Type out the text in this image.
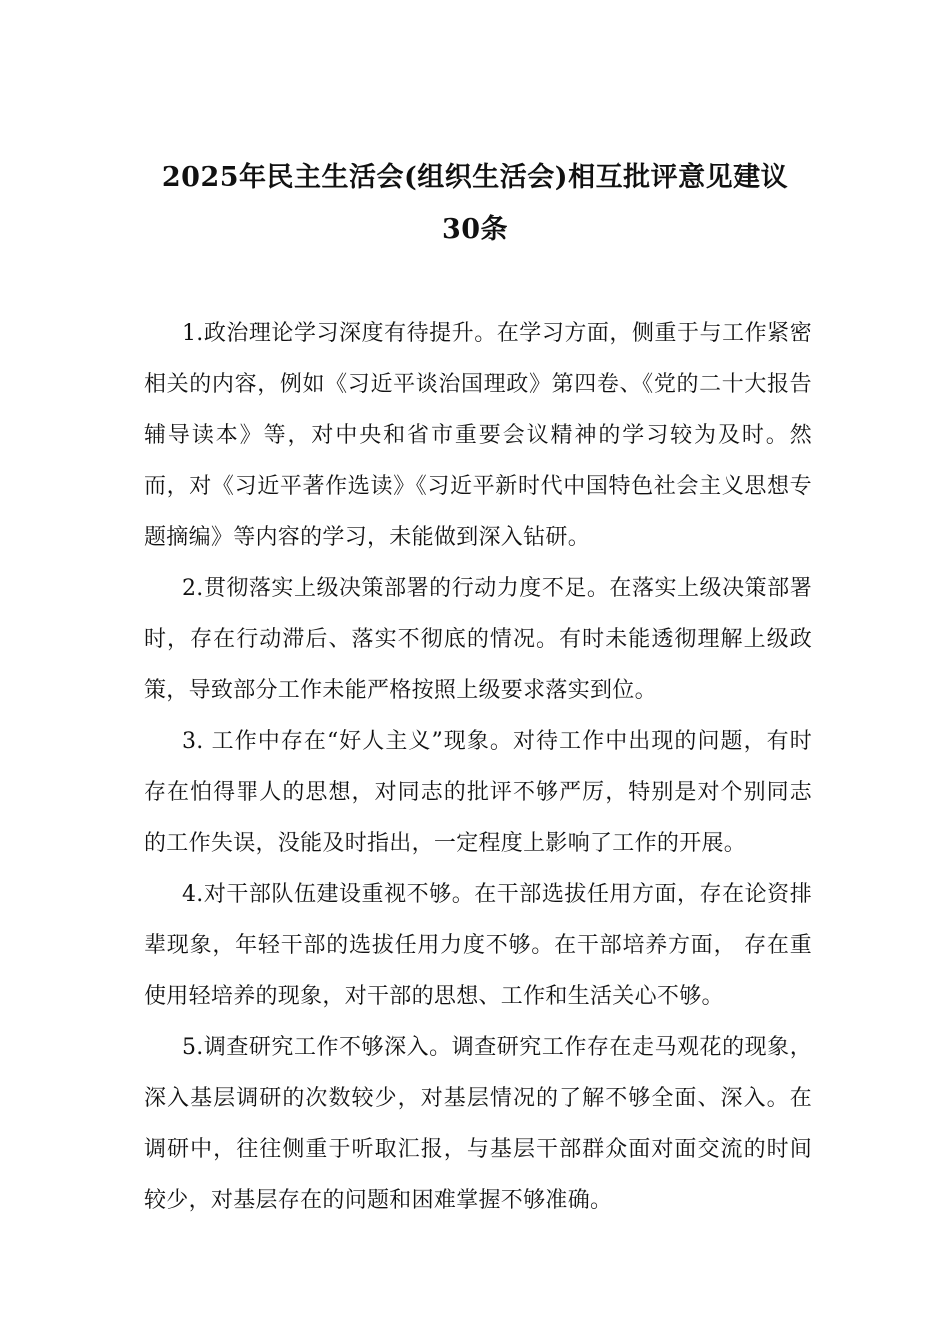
2025年民主生活会(组织生活会)相互批评意见建议
30条

1.政治理论学习深度有待提升。在学习方面，侧重于与工作紧密相关的内容，例如《习近平谈治国理政》第四卷、《党的二十大报告辅导读本》等，对中央和省市重要会议精神的学习较为及时。然而，对《习近平著作选读》《习近平新时代中国特色社会主义思想专题摘编》等内容的学习，未能做到深入钻研。

2.贯彻落实上级决策部署的行动力度不足。在落实上级决策部署时，存在行动滞后、落实不彻底的情况。有时未能透彻理解上级政策，导致部分工作未能严格按照上级要求落实到位。

3. 工作中存在“好人主义”现象。对待工作中出现的问题，有时存在怕得罪人的思想，对同志的批评不够严厉，特别是对个别同志的工作失误，没能及时指出，一定程度上影响了工作的开展。

4.对干部队伍建设重视不够。在干部选拔任用方面，存在论资排辈现象，年轻干部的选拔任用力度不够。在干部培养方面， 存在重使用轻培养的现象，对干部的思想、工作和生活关心不够。

5.调查研究工作不够深入。调查研究工作存在走马观花的现象，深入基层调研的次数较少，对基层情况的了解不够全面、深入。在调研中，往往侧重于听取汇报，与基层干部群众面对面交流的时间较少，对基层存在的问题和困难掌握不够准确。
